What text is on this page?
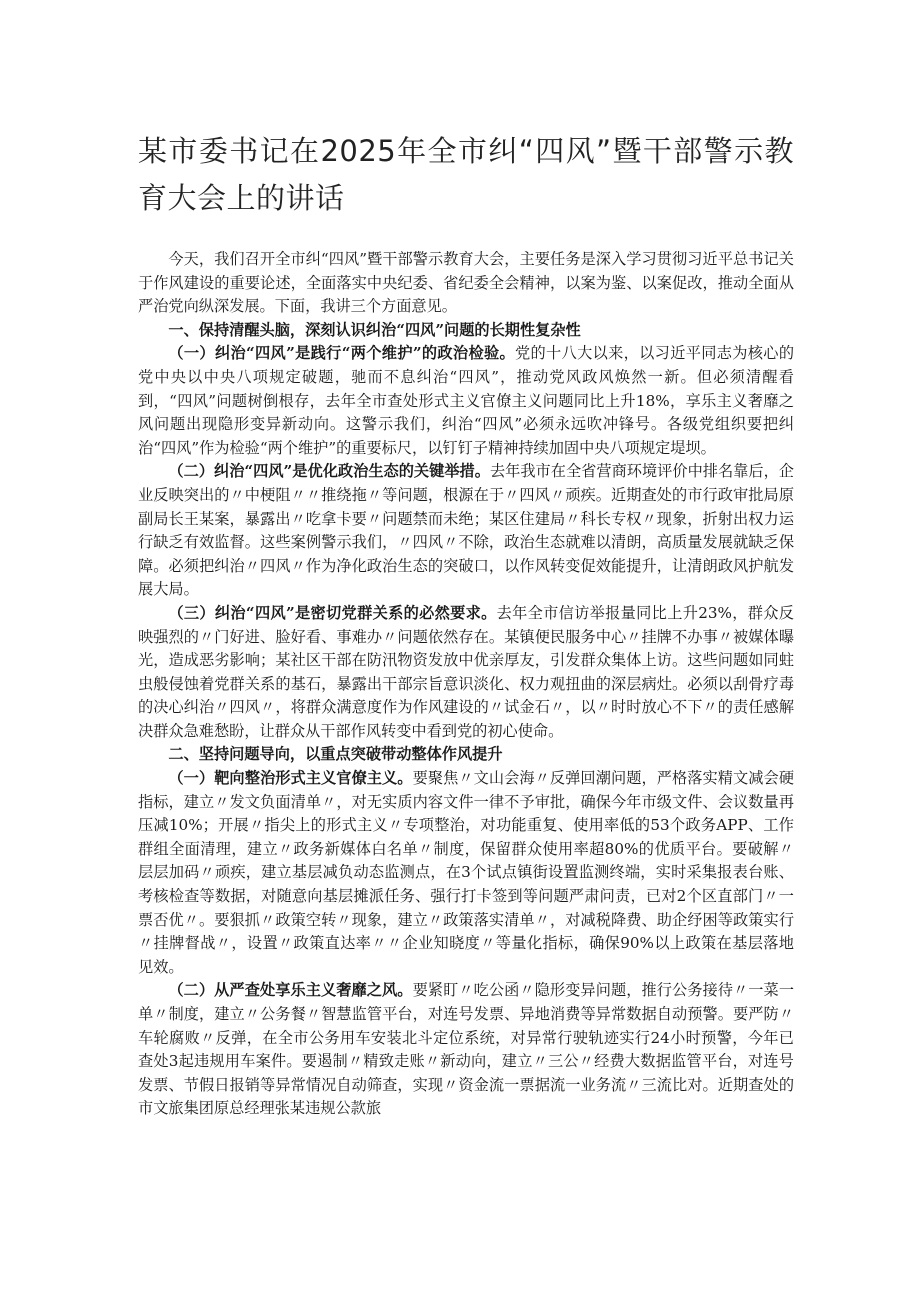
某市委书记在2025年全市纠“四风”暨干部警示教育大会上的讲话

今天，我们召开全市纠“四风”暨干部警示教育大会，主要任务是深入学习贯彻习近平总书记关于作风建设的重要论述，全面落实中央纪委、省纪委全会精神，以案为鉴、以案促改，推动全面从严治党向纵深发展。下面，我讲三个方面意见。

一、保持清醒头脑，深刻认识纠治“四风”问题的长期性复杂性

（一）纠治“四风”是践行“两个维护”的政治检验。党的十八大以来，以习近平同志为核心的党中央以中央八项规定破题，驰而不息纠治“四风”，推动党风政风焕然一新。但必须清醒看到，“四风”问题树倒根存，去年全市查处形式主义官僚主义问题同比上升18%，享乐主义奢靡之风问题出现隐形变异新动向。这警示我们，纠治“四风”必须永远吹冲锋号。各级党组织要把纠治“四风”作为检验“两个维护”的重要标尺，以钉钉子精神持续加固中央八项规定堤坝。

（二）纠治“四风”是优化政治生态的关键举措。去年我市在全省营商环境评价中排名靠后，企业反映突出的〃中梗阻〃〃推绕拖〃等问题，根源在于〃四风〃顽疾。近期查处的市行政审批局原副局长王某案，暴露出〃吃拿卡要〃问题禁而未绝；某区住建局〃科长专权〃现象，折射出权力运行缺乏有效监督。这些案例警示我们，〃四风〃不除，政治生态就难以清朗，高质量发展就缺乏保障。必须把纠治〃四风〃作为净化政治生态的突破口，以作风转变促效能提升，让清朗政风护航发展大局。

（三）纠治“四风”是密切党群关系的必然要求。去年全市信访举报量同比上升23%，群众反映强烈的〃门好进、脸好看、事难办〃问题依然存在。某镇便民服务中心〃挂牌不办事〃被媒体曝光，造成恶劣影响；某社区干部在防汛物资发放中优亲厚友，引发群众集体上访。这些问题如同蛀虫般侵蚀着党群关系的基石，暴露出干部宗旨意识淡化、权力观扭曲的深层病灶。必须以刮骨疗毒的决心纠治〃四风〃，将群众满意度作为作风建设的〃试金石〃，以〃时时放心不下〃的责任感解决群众急难愁盼，让群众从干部作风转变中看到党的初心使命。

二、坚持问题导向，以重点突破带动整体作风提升

（一）靶向整治形式主义官僚主义。要聚焦〃文山会海〃反弹回潮问题，严格落实精文减会硬指标，建立〃发文负面清单〃，对无实质内容文件一律不予审批，确保今年市级文件、会议数量再压减10%；开展〃指尖上的形式主义〃专项整治，对功能重复、使用率低的53个政务APP、工作群组全面清理，建立〃政务新媒体白名单〃制度，保留群众使用率超80%的优质平台。要破解〃层层加码〃顽疾，建立基层减负动态监测点，在3个试点镇街设置监测终端，实时采集报表台账、考核检查等数据，对随意向基层摊派任务、强行打卡签到等问题严肃问责，已对2个区直部门〃一票否优〃。要狠抓〃政策空转〃现象，建立〃政策落实清单〃，对减税降费、助企纾困等政策实行〃挂牌督战〃，设置〃政策直达率〃〃企业知晓度〃等量化指标，确保90%以上政策在基层落地见效。

（二）从严查处享乐主义奢靡之风。要紧盯〃吃公函〃隐形变异问题，推行公务接待〃一菜一单〃制度，建立〃公务餐〃智慧监管平台，对连号发票、异地消费等异常数据自动预警。要严防〃车轮腐败〃反弹，在全市公务用车安装北斗定位系统，对异常行驶轨迹实行24小时预警，今年已查处3起违规用车案件。要遏制〃精致走账〃新动向，建立〃三公〃经费大数据监管平台，对连号发票、节假日报销等异常情况自动筛查，实现〃资金流一票据流一业务流〃三流比对。近期查处的市文旅集团原总经理张某违规公款旅
